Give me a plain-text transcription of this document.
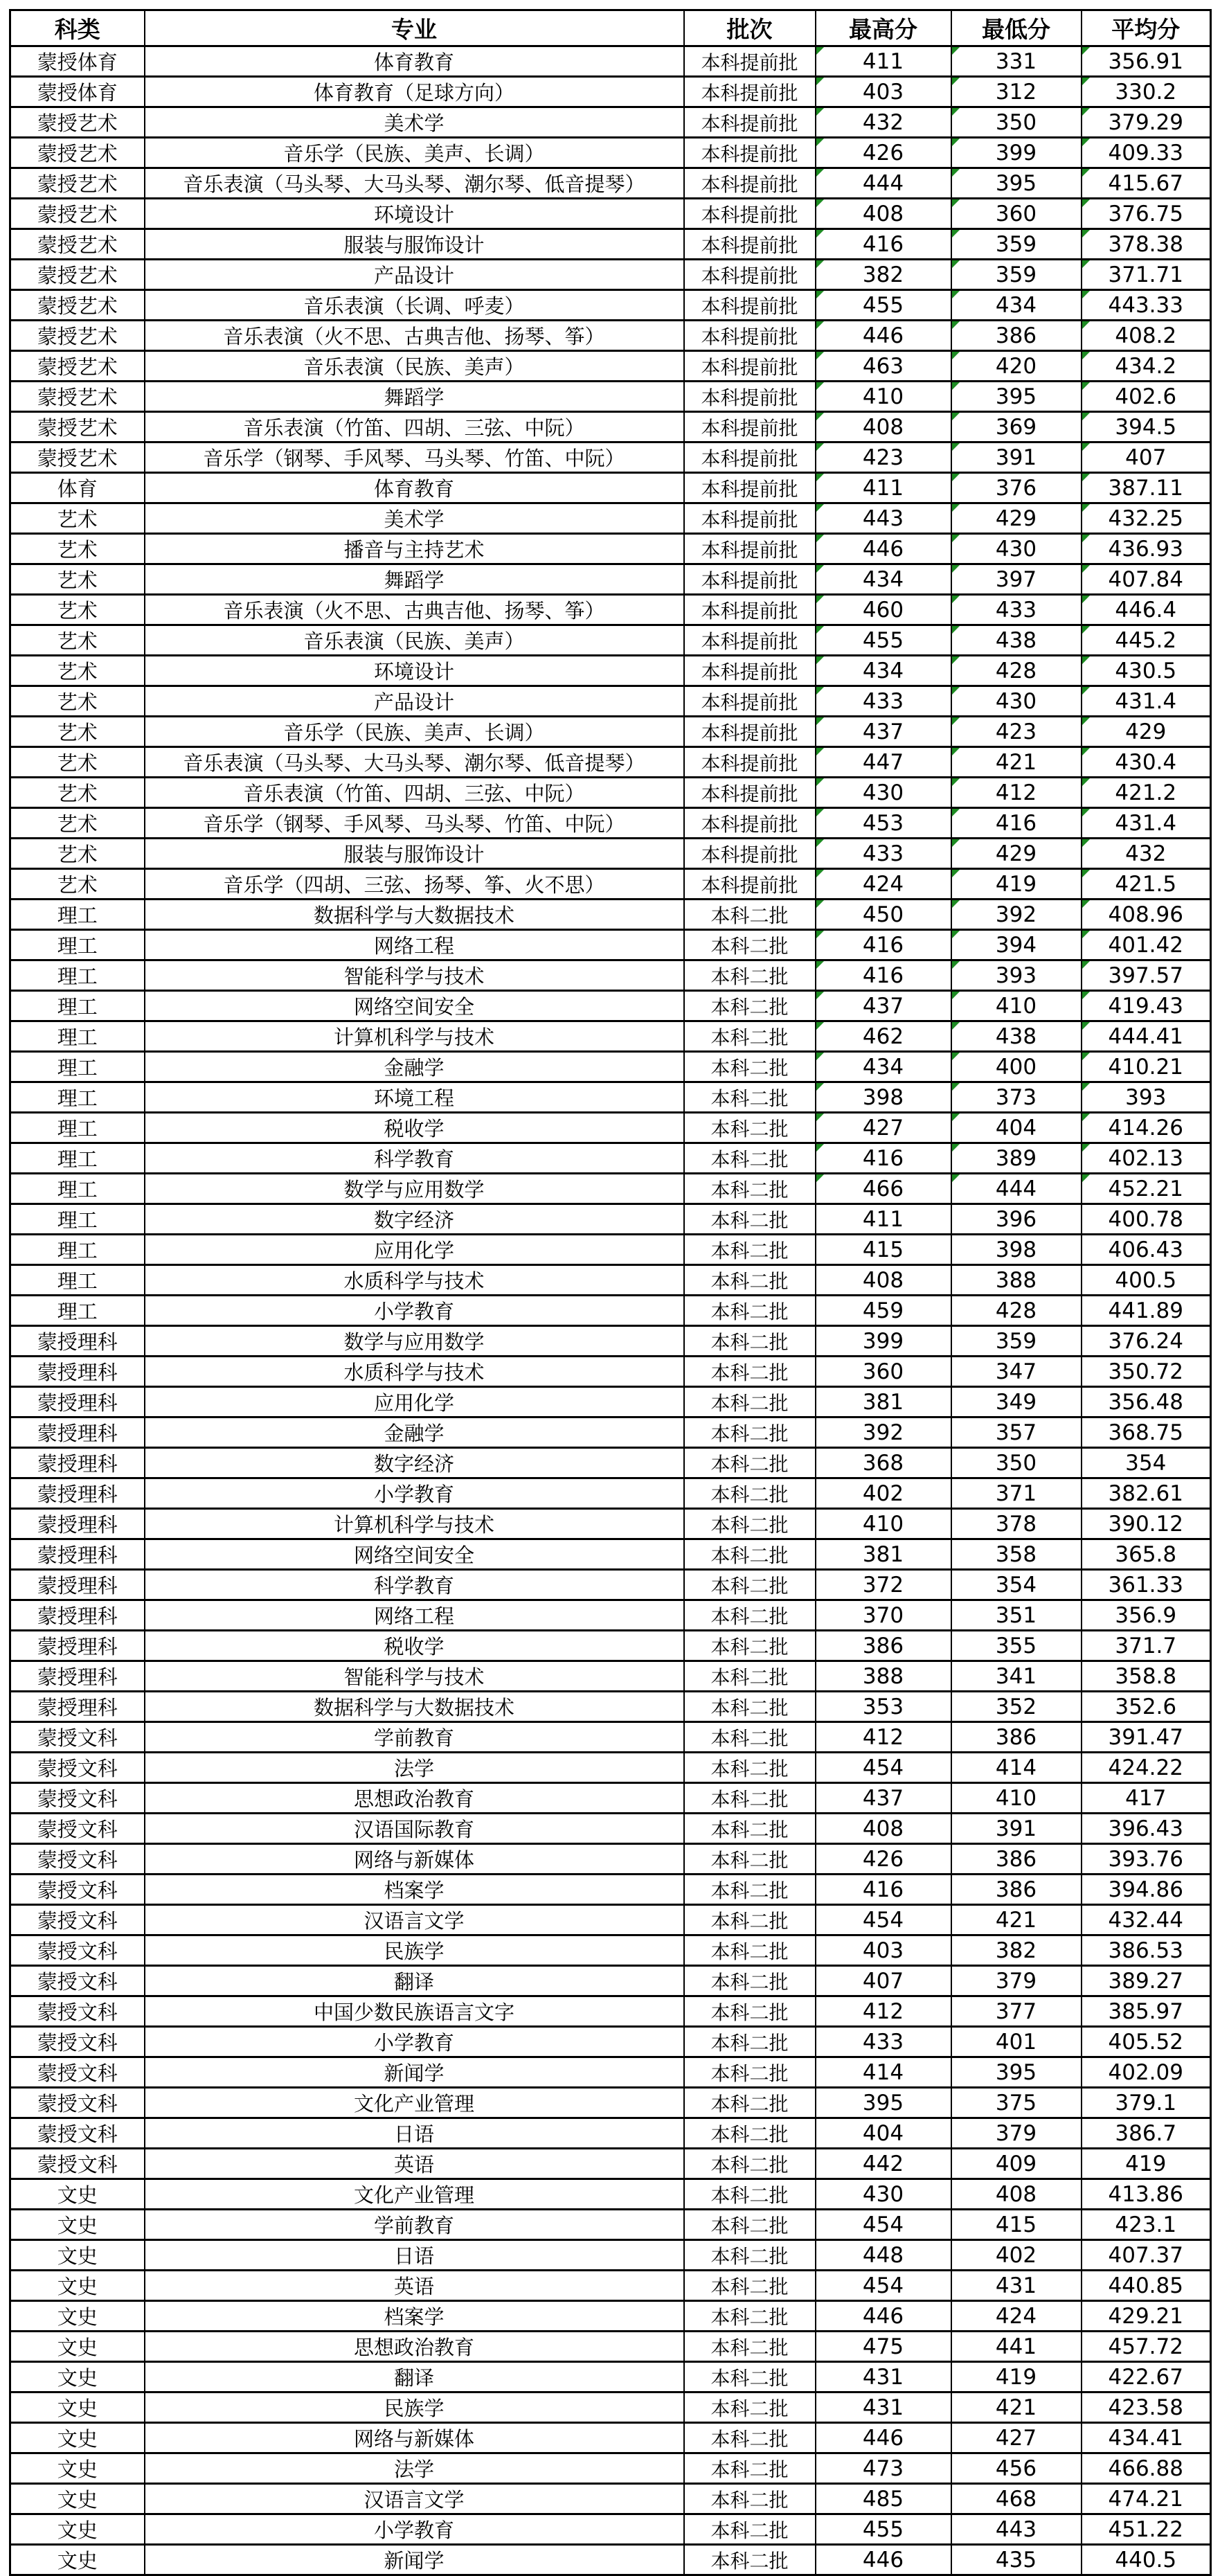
科类	专业	批次	最高分	最低分	平均分
蒙授体育	体育教育	本科提前批	411	331	356.91

蒙授体育	体育教育（足球方向）	本科提前批	403	312	330.2

蒙授艺术	美术学	本科提前批	432	350	379.29

蒙授艺术	音乐学（民族、美声、长调）	本科提前批	426	399	409.33

蒙授艺术	音乐表演（马头琴、大马头琴、潮尔琴、低音提琴）	本科提前批	444	395	415.67

蒙授艺术	环境设计	本科提前批	408	360	376.75

蒙授艺术	服装与服饰设计	本科提前批	416	359	378.38

蒙授艺术	产品设计	本科提前批	382	359	371.71

蒙授艺术	音乐表演（长调、呼麦）	本科提前批	455	434	443.33

蒙授艺术	音乐表演（火不思、古典吉他、扬琴、筝）	本科提前批	446	386	408.2

蒙授艺术	音乐表演（民族、美声）	本科提前批	463	420	434.2

蒙授艺术	舞蹈学	本科提前批	410	395	402.6

蒙授艺术	音乐表演（竹笛、四胡、三弦、中阮）	本科提前批	408	369	394.5

蒙授艺术	音乐学（钢琴、手风琴、马头琴、竹笛、中阮）	本科提前批	423	391	407

体育	体育教育	本科提前批	411	376	387.11

艺术	美术学	本科提前批	443	429	432.25

艺术	播音与主持艺术	本科提前批	446	430	436.93

艺术	舞蹈学	本科提前批	434	397	407.84

艺术	音乐表演（火不思、古典吉他、扬琴、筝）	本科提前批	460	433	446.4

艺术	音乐表演（民族、美声）	本科提前批	455	438	445.2

艺术	环境设计	本科提前批	434	428	430.5

艺术	产品设计	本科提前批	433	430	431.4

艺术	音乐学（民族、美声、长调）	本科提前批	437	423	429

艺术	音乐表演（马头琴、大马头琴、潮尔琴、低音提琴）	本科提前批	447	421	430.4

艺术	音乐表演（竹笛、四胡、三弦、中阮）	本科提前批	430	412	421.2

艺术	音乐学（钢琴、手风琴、马头琴、竹笛、中阮）	本科提前批	453	416	431.4

艺术	服装与服饰设计	本科提前批	433	429	432

艺术	音乐学（四胡、三弦、扬琴、筝、火不思）	本科提前批	424	419	421.5

理工	数据科学与大数据技术	本科二批	450	392	408.96

理工	网络工程	本科二批	416	394	401.42

理工	智能科学与技术	本科二批	416	393	397.57

理工	网络空间安全	本科二批	437	410	419.43

理工	计算机科学与技术	本科二批	462	438	444.41

理工	金融学	本科二批	434	400	410.21

理工	环境工程	本科二批	398	373	393

理工	税收学	本科二批	427	404	414.26

理工	科学教育	本科二批	416	389	402.13

理工	数学与应用数学	本科二批	466	444	452.21

理工	数字经济	本科二批	411	396	400.78
理工	应用化学	本科二批	415	398	406.43
理工	水质科学与技术	本科二批	408	388	400.5
理工	小学教育	本科二批	459	428	441.89
蒙授理科	数学与应用数学	本科二批	399	359	376.24
蒙授理科	水质科学与技术	本科二批	360	347	350.72
蒙授理科	应用化学	本科二批	381	349	356.48
蒙授理科	金融学	本科二批	392	357	368.75
蒙授理科	数字经济	本科二批	368	350	354
蒙授理科	小学教育	本科二批	402	371	382.61
蒙授理科	计算机科学与技术	本科二批	410	378	390.12
蒙授理科	网络空间安全	本科二批	381	358	365.8
蒙授理科	科学教育	本科二批	372	354	361.33
蒙授理科	网络工程	本科二批	370	351	356.9
蒙授理科	税收学	本科二批	386	355	371.7
蒙授理科	智能科学与技术	本科二批	388	341	358.8
蒙授理科	数据科学与大数据技术	本科二批	353	352	352.6
蒙授文科	学前教育	本科二批	412	386	391.47
蒙授文科	法学	本科二批	454	414	424.22
蒙授文科	思想政治教育	本科二批	437	410	417
蒙授文科	汉语国际教育	本科二批	408	391	396.43
蒙授文科	网络与新媒体	本科二批	426	386	393.76
蒙授文科	档案学	本科二批	416	386	394.86
蒙授文科	汉语言文学	本科二批	454	421	432.44
蒙授文科	民族学	本科二批	403	382	386.53
蒙授文科	翻译	本科二批	407	379	389.27
蒙授文科	中国少数民族语言文字	本科二批	412	377	385.97
蒙授文科	小学教育	本科二批	433	401	405.52
蒙授文科	新闻学	本科二批	414	395	402.09
蒙授文科	文化产业管理	本科二批	395	375	379.1
蒙授文科	日语	本科二批	404	379	386.7
蒙授文科	英语	本科二批	442	409	419
文史	文化产业管理	本科二批	430	408	413.86
文史	学前教育	本科二批	454	415	423.1
文史	日语	本科二批	448	402	407.37
文史	英语	本科二批	454	431	440.85
文史	档案学	本科二批	446	424	429.21
文史	思想政治教育	本科二批	475	441	457.72
文史	翻译	本科二批	431	419	422.67
文史	民族学	本科二批	431	421	423.58
文史	网络与新媒体	本科二批	446	427	434.41
文史	法学	本科二批	473	456	466.88
文史	汉语言文学	本科二批	485	468	474.21
文史	小学教育	本科二批	455	443	451.22
文史	新闻学	本科二批	446	435	440.5
